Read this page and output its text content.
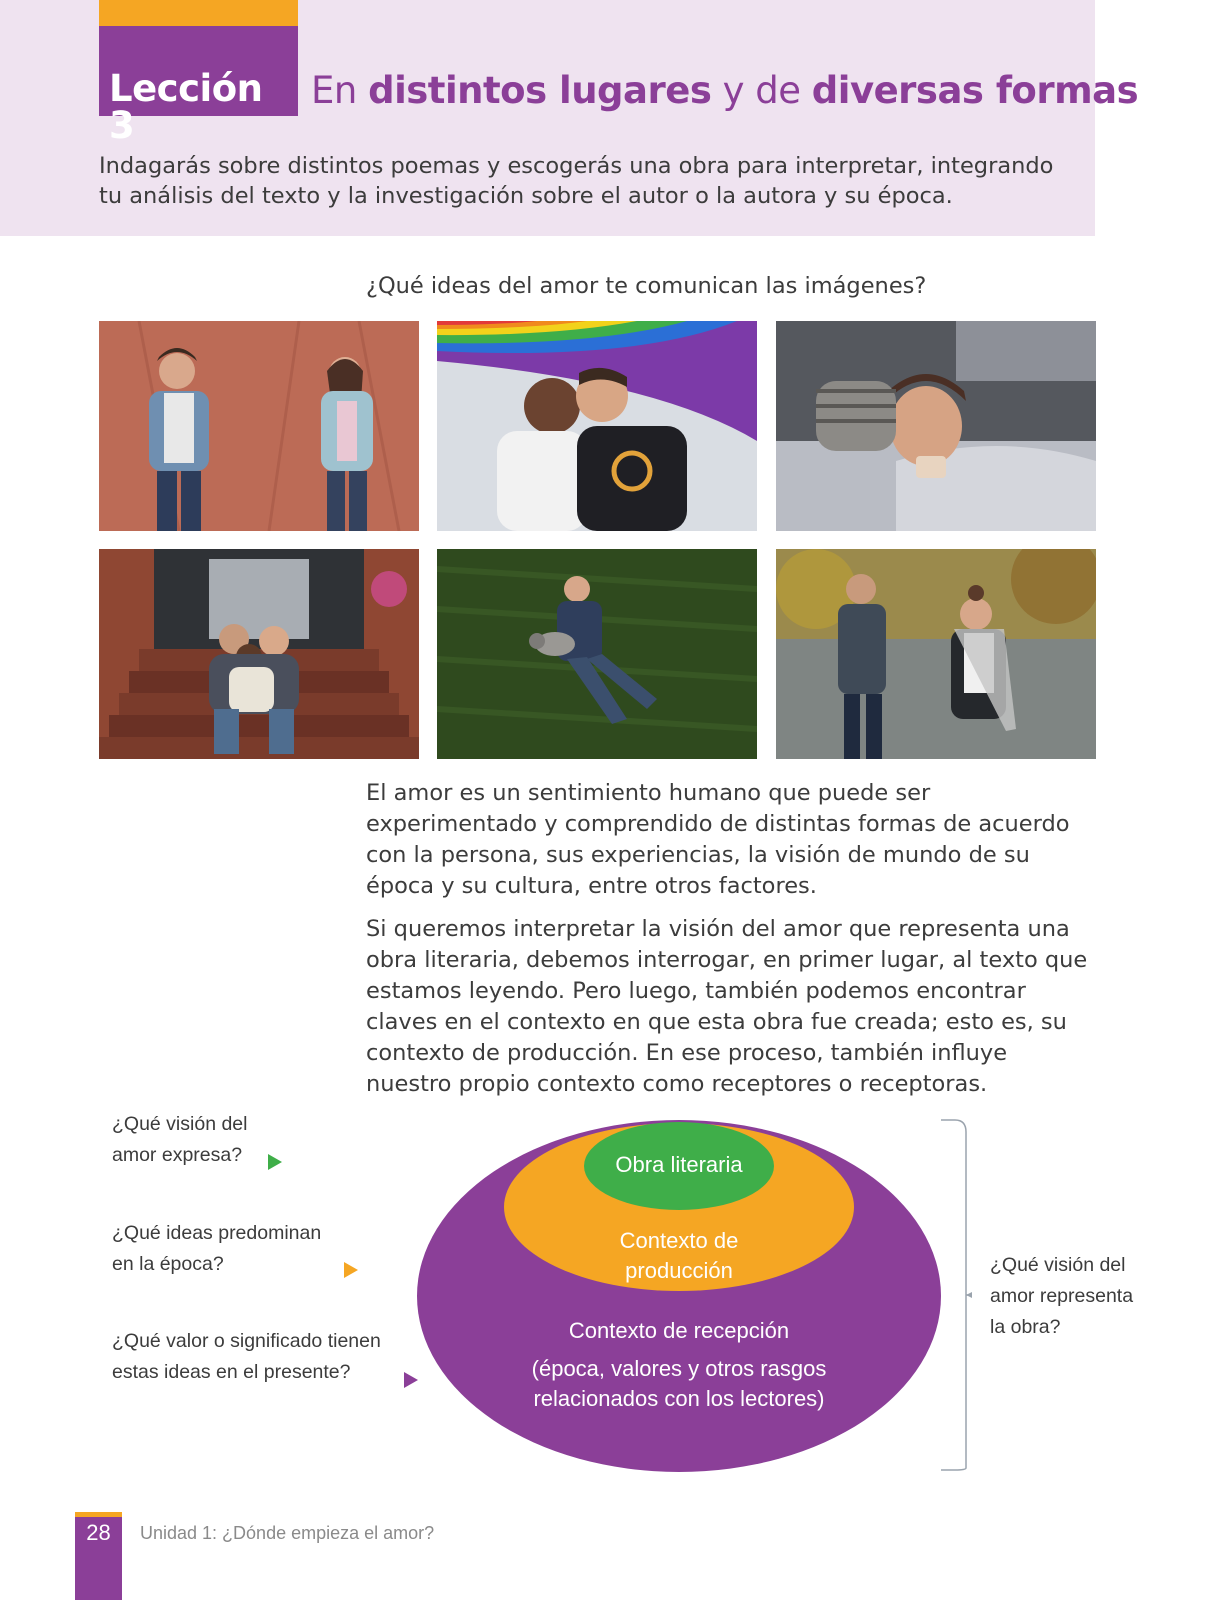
Lección 3
En distintos lugares y de diversas formas
Indagarás sobre distintos poemas y escogerás una obra para interpretar, integrando tu análisis del texto y la investigación sobre el autor o la autora y su época.
¿Qué ideas del amor te comunican las imágenes?
El amor es un sentimiento humano que puede ser experimentado y comprendido de distintas formas de acuerdo con la persona, sus experiencias, la visión de mundo de su época y su cultura, entre otros factores.
Si queremos interpretar la visión del amor que representa una obra literaria, debemos interrogar, en primer lugar, al texto que estamos leyendo. Pero luego, también podemos encontrar claves en el contexto en que esta obra fue creada; esto es, su contexto de producción. En ese proceso, también influye nuestro propio contexto como receptores o receptoras.
¿Qué visión del
amor expresa?
¿Qué ideas predominan
en la época?
¿Qué valor o significado tienen
estas ideas en el presente?
Obra literaria
Contexto de
producción
Contexto de recepción
(época, valores y otros rasgos
relacionados con los lectores)
¿Qué visión del
amor representa
la obra?
28	Unidad 1: ¿Dónde empieza el amor?
